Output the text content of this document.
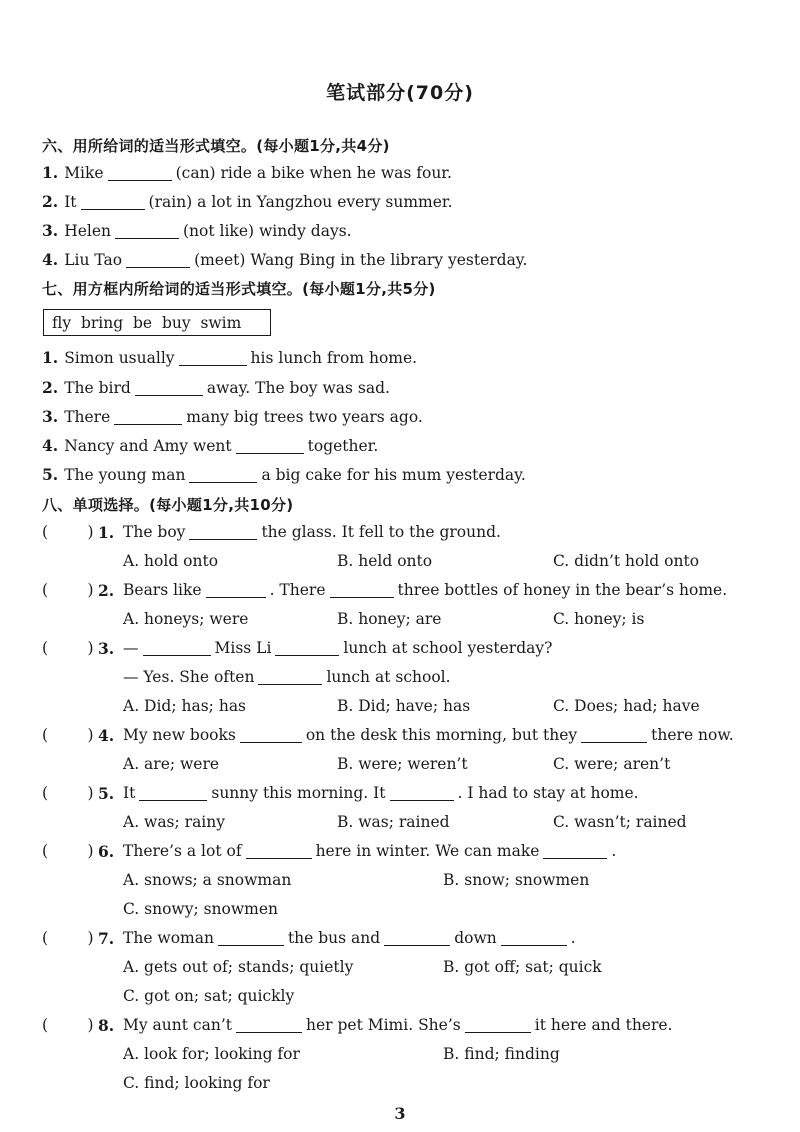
笔试部分(70分)
六、用所给词的适当形式填空。(每小题1分,共4分)
1. Mike	(can) ride a bike when he was four.
2. It	(rain) a lot in Yangzhou every summer.
3. Helen	(not like) windy days.
4. Liu Tao	(meet) Wang Bing in the library yesterday.
七、用方框内所给词的适当形式填空。(每小题1分,共5分)
fly  bring  be  buy  swim
1. Simon usually	his lunch from home.
2. The bird	away. The boy was sad.
3. There	many big trees two years ago.
4. Nancy and Amy went	together.
5. The young man	a big cake for his mum yesterday.
八、单项选择。(每小题1分,共10分)
(        ) 1. The boy	the glass. It fell to the ground.
A. hold onto	B. held onto	C. didn’t hold onto
(        ) 2. Bears like	. There	three bottles of honey in the bear’s home.
A. honeys; were	B. honey; are	C. honey; is
(        ) 3. —	Miss Li	lunch at school yesterday?
— Yes. She often	lunch at school.
A. Did; has; has	B. Did; have; has	C. Does; had; have
(        ) 4. My new books	on the desk this morning, but they	there now.
A. are; were	B. were; weren’t	C. were; aren’t
(        ) 5. It	sunny this morning. It	. I had to stay at home.
A. was; rainy	B. was; rained	C. wasn’t; rained
(        ) 6. There’s a lot of	here in winter. We can make	.
A. snows; a snowman	B. snow; snowmen
C. snowy; snowmen
(        ) 7. The woman	the bus and	down	.
A. gets out of; stands; quietly	B. got off; sat; quick
C. got on; sat; quickly
(        ) 8. My aunt can’t	her pet Mimi. She’s	it here and there.
A. look for; looking for	B. find; finding
C. find; looking for
3
